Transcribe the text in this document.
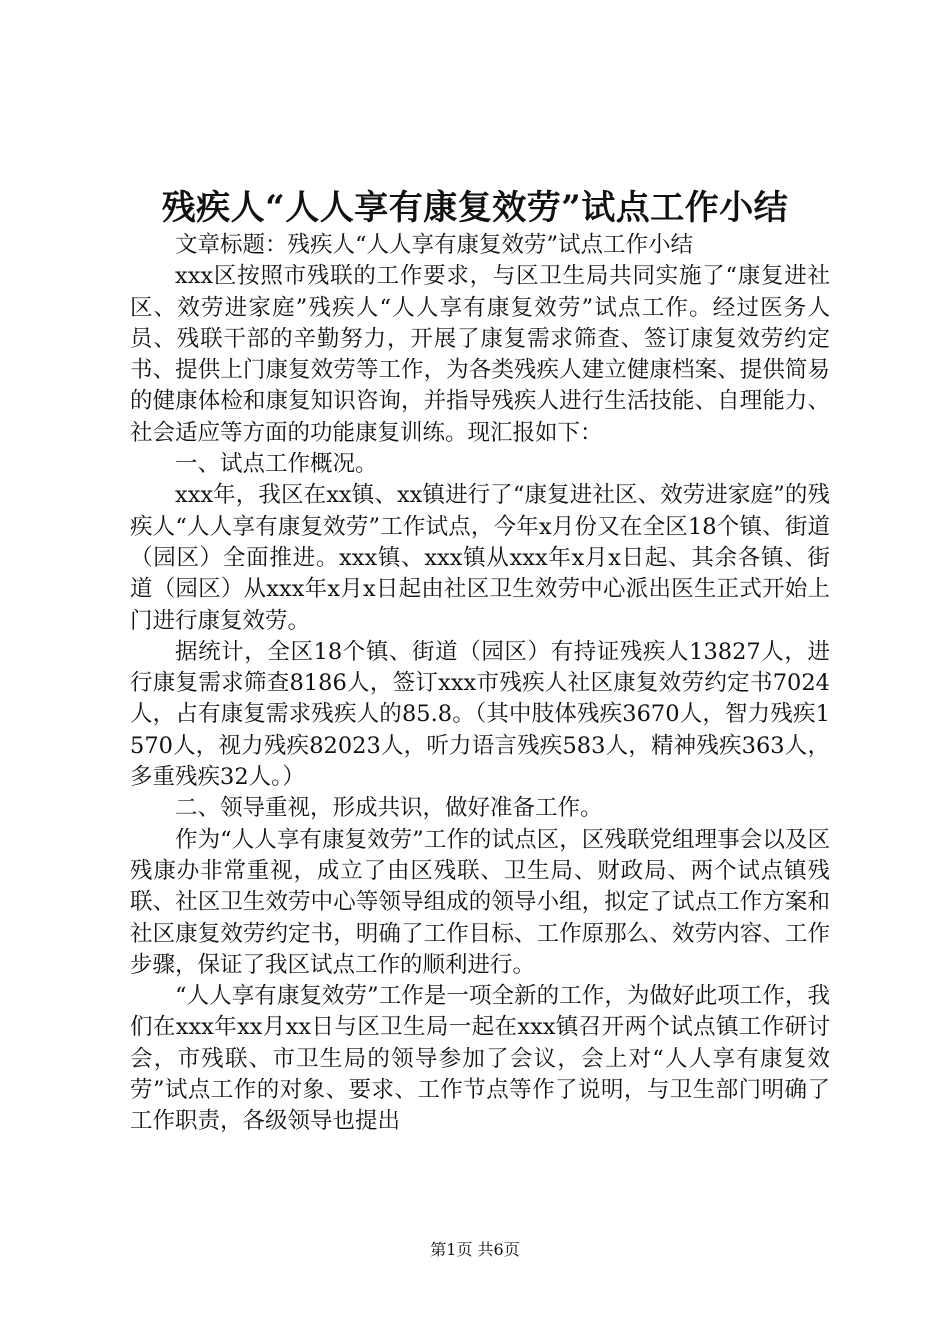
残疾人“人人享有康复效劳”试点工作小结

文章标题：残疾人“人人享有康复效劳”试点工作小结

xxx区按照市残联的工作要求，与区卫生局共同实施了“康复进社区、效劳进家庭”残疾人“人人享有康复效劳”试点工作。经过医务人员、残联干部的辛勤努力，开展了康复需求筛查、签订康复效劳约定书、提供上门康复效劳等工作，为各类残疾人建立健康档案、提供简易的健康体检和康复知识咨询，并指导残疾人进行生活技能、自理能力、社会适应等方面的功能康复训练。现汇报如下：

一、试点工作概况。

xxx年，我区在xx镇、xx镇进行了“康复进社区、效劳进家庭”的残疾人“人人享有康复效劳”工作试点，今年x月份又在全区18个镇、街道（园区）全面推进。xxx镇、xxx镇从xxx年x月x日起、其余各镇、街道（园区）从xxx年x月x日起由社区卫生效劳中心派出医生正式开始上门进行康复效劳。

据统计，全区18个镇、街道（园区）有持证残疾人13827人，进行康复需求筛查8186人，签订xxx市残疾人社区康复效劳约定书7024人，占有康复需求残疾人的85.8。（其中肢体残疾3670人，智力残疾1570人，视力残疾82023人，听力语言残疾583人，精神残疾363人，多重残疾32人。）

二、领导重视，形成共识，做好准备工作。

作为“人人享有康复效劳”工作的试点区，区残联党组理事会以及区残康办非常重视，成立了由区残联、卫生局、财政局、两个试点镇残联、社区卫生效劳中心等领导组成的领导小组，拟定了试点工作方案和社区康复效劳约定书，明确了工作目标、工作原那么、效劳内容、工作步骤，保证了我区试点工作的顺利进行。

“人人享有康复效劳”工作是一项全新的工作，为做好此项工作，我们在xxx年xx月xx日与区卫生局一起在xxx镇召开两个试点镇工作研讨会，市残联、市卫生局的领导参加了会议，会上对“人人享有康复效劳”试点工作的对象、要求、工作节点等作了说明，与卫生部门明确了工作职责，各级领导也提出

第1页 共6页
